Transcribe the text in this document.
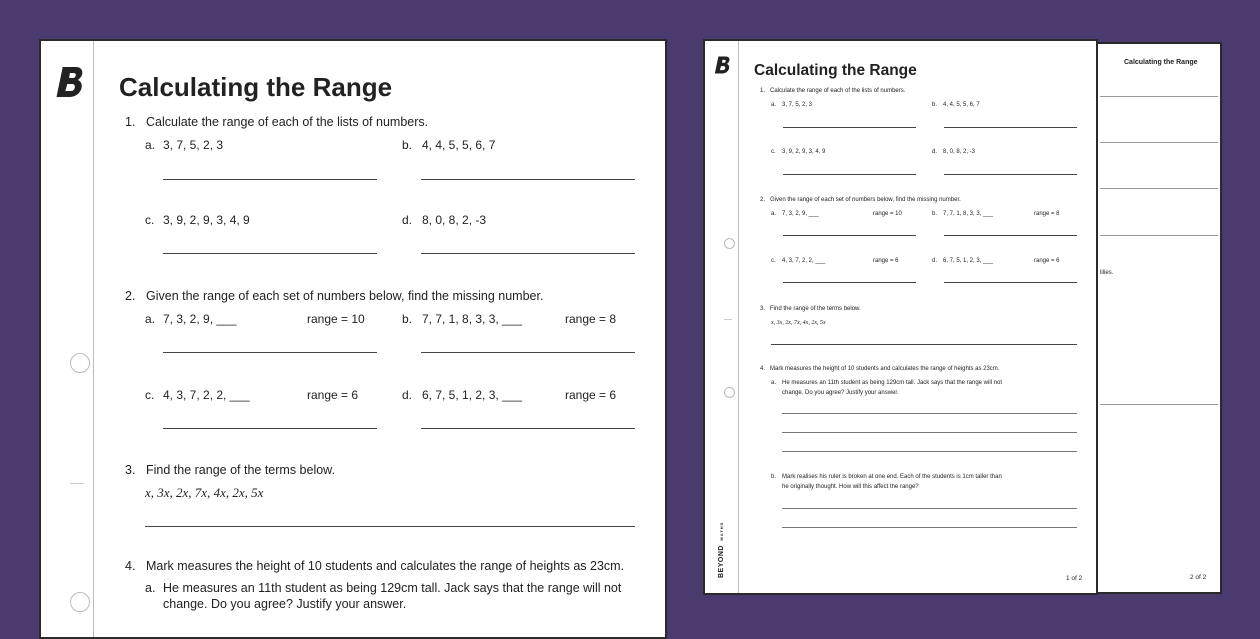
Calculating the Range
1. Calculate the range of each of the lists of numbers.
a. 3, 7, 5, 2, 3	b. 4, 4, 5, 5, 6, 7
c. 3, 9, 2, 9, 3, 4, 9	d. 8, 0, 8, 2, -3
2. Given the range of each set of numbers below, find the missing number.
a. 7, 3, 2, 9, ___	range = 10	b. 7, 7, 1, 8, 3, 3, ___	range = 8
c. 4, 3, 7, 2, 2, ___	range = 6	d. 6, 7, 5, 1, 2, 3, ___	range = 6
3. Find the range of the terms below.
x, 3x, 2x, 7x, 4x, 2x, 5x
4. Mark measures the height of 10 students and calculates the range of heights as 23cm.
a. He measures an 11th student as being 129cm tall. Jack says that the range will not
change. Do you agree? Justify your answer.
Calculating the Range
lilies.
2 of 2
Calculating the Range
1. Calculate the range of each of the lists of numbers.
a. 3, 7, 5, 2, 3	b. 4, 4, 5, 5, 6, 7
c. 3, 9, 2, 9, 3, 4, 9	d. 8, 0, 8, 2, -3
2. Given the range of each set of numbers below, find the missing number.
a. 7, 3, 2, 9, ___	range = 10	b. 7, 7, 1, 8, 3, 3, ___	range = 8
c. 4, 3, 7, 2, 2, ___	range = 6	d. 6, 7, 5, 1, 2, 3, ___	range = 6
3. Find the range of the terms below.
x, 3x, 2x, 7x, 4x, 2x, 5x
4. Mark measures the height of 10 students and calculates the range of heights as 23cm.
a. He measures an 11th student as being 129cm tall. Jack says that the range will not
change. Do you agree? Justify your answer.
b. Mark realises his ruler is broken at one end. Each of the students is 1cm taller than
he originally thought. How will this affect the range?
BEYOND MATHS
1 of 2
